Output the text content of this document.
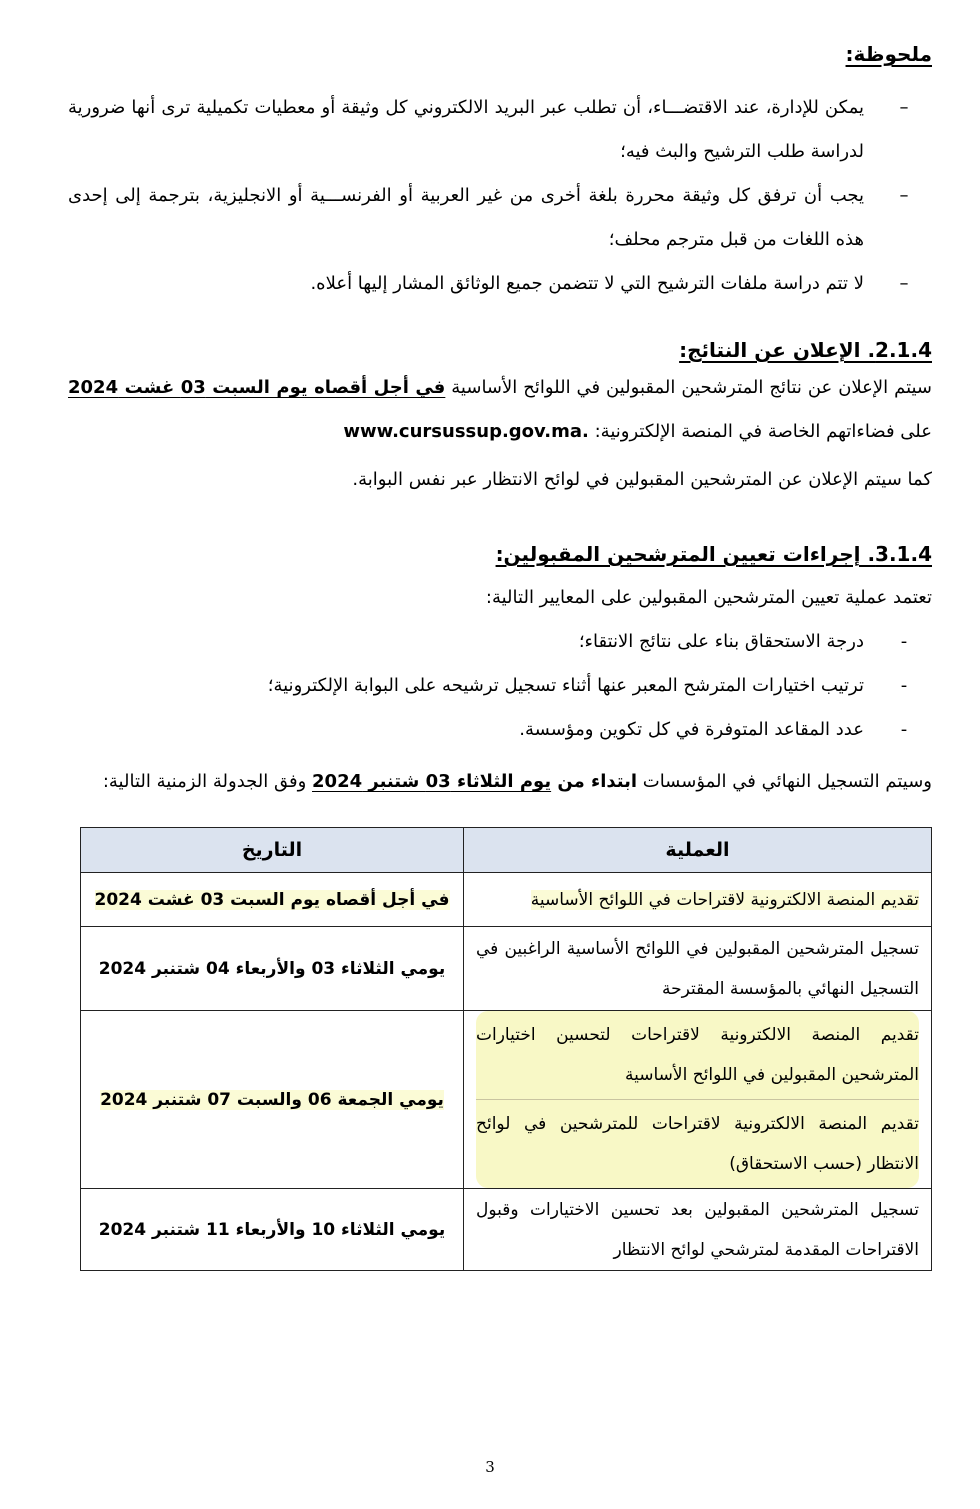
ملحوظة:
–
يمكن للإدارة، عند الاقتضـــاء، أن تطلب عبر البريد الالكتروني كل وثيقة أو معطيات تكميلية ترى أنها ضرورية لدراسة طلب الترشيح والبث فيه؛
–
يجب أن ترفق كل وثيقة محررة بلغة أخرى من غير العربية أو الفرنســـية أو الانجليزية، بترجمة إلى إحدى هذه اللغات من قبل مترجم محلف؛
–
لا تتم دراسة ملفات الترشيح التي لا تتضمن جميع الوثائق المشار إليها أعلاه.
2.1.4. الإعلان عن النتائج:
سيتم الإعلان عن نتائج المترشحين المقبولين في اللوائح الأساسية في أجل أقصاه يوم السبت 03 غشت 2024 على فضاءاتهم الخاصة في المنصة الإلكترونية: www.cursussup.gov.ma.
كما سيتم الإعلان عن المترشحين المقبولين في لوائح الانتظار عبر نفس البوابة.
3.1.4. إجراءات تعيين المترشحين المقبولين:
تعتمد عملية تعيين المترشحين المقبولين على المعايير التالية:
-
درجة الاستحقاق بناء على نتائج الانتقاء؛
-
ترتيب اختيارات المترشح المعبر عنها أثناء تسجيل ترشيحه على البوابة الإلكترونية؛
-
عدد المقاعد المتوفرة في كل تكوين ومؤسسة.
وسيتم التسجيل النهائي في المؤسسات ابتداء من يوم الثلاثاء 03 شتنبر 2024 وفق الجدولة الزمنية التالية:
العملية	التاريخ
تقديم المنصة الالكترونية لاقتراحات في اللوائح الأساسية	في أجل أقصاه يوم السبت 03 غشت 2024
تسجيل المترشحين المقبولين في اللوائح الأساسية الراغبين في التسجيل النهائي بالمؤسسة المقترحة	يومي الثلاثاء 03 والأربعاء 04 شتنبر 2024

تقديم المنصة الالكترونية لاقتراحات لتحسين اختيارات المترشحين المقبولين في اللوائح الأساسية
تقديم المنصة الالكترونية لاقتراحات للمترشحين في لوائح الانتظار (حسب الاستحقاق)	يومي الجمعة 06 والسبت 07 شتنبر 2024
تسجيل المترشحين المقبولين بعد تحسين الاختيارات وقبول الاقتراحات المقدمة لمترشحي لوائح الانتظار	يومي الثلاثاء 10 والأربعاء 11 شتنبر 2024
3
